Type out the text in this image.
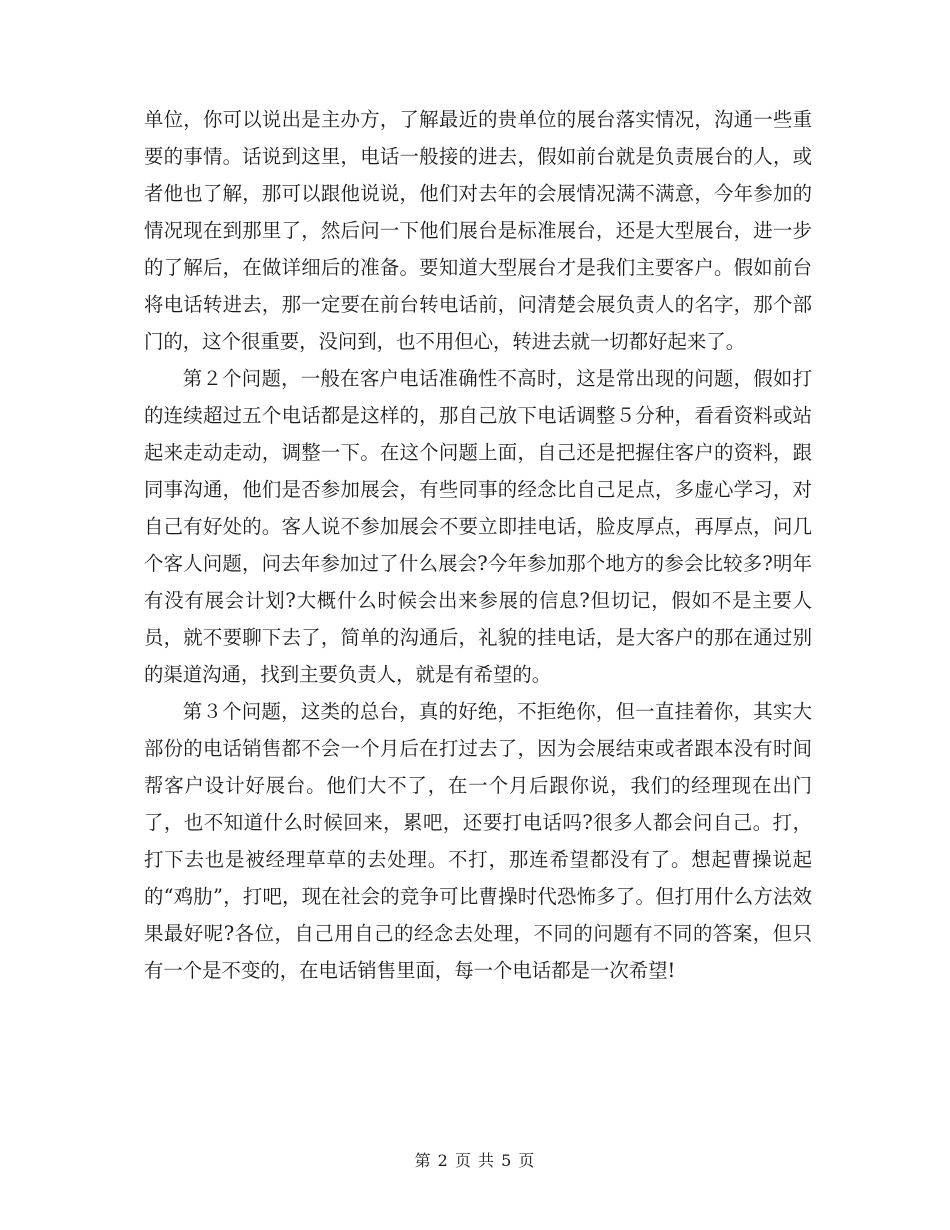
单位，你可以说出是主办方，了解最近的贵单位的展台落实情况，沟通一些重要的事情。话说到这里，电话一般接的进去，假如前台就是负责展台的人，或者他也了解，那可以跟他说说，他们对去年的会展情况满不满意，今年参加的情况现在到那里了，然后问一下他们展台是标准展台，还是大型展台，进一步的了解后，在做详细后的准备。要知道大型展台才是我们主要客户。假如前台将电话转进去，那一定要在前台转电话前，问清楚会展负责人的名字，那个部门的，这个很重要，没问到，也不用但心，转进去就一切都好起来了。

第２个问题，一般在客户电话准确性不高时，这是常出现的问题，假如打的连续超过五个电话都是这样的，那自己放下电话调整５分种，看看资料或站起来走动走动，调整一下。在这个问题上面，自己还是把握住客户的资料，跟同事沟通，他们是否参加展会，有些同事的经念比自己足点，多虚心学习，对自己有好处的。客人说不参加展会不要立即挂电话，脸皮厚点，再厚点，问几个客人问题，问去年参加过了什么展会?今年参加那个地方的参会比较多?明年有没有展会计划?大概什么时候会出来参展的信息?但切记，假如不是主要人员，就不要聊下去了，简单的沟通后，礼貌的挂电话，是大客户的那在通过别的渠道沟通，找到主要负责人，就是有希望的。

第３个问题，这类的总台，真的好绝，不拒绝你，但一直挂着你，其实大部份的电话销售都不会一个月后在打过去了，因为会展结束或者跟本没有时间帮客户设计好展台。他们大不了，在一个月后跟你说，我们的经理现在出门了，也不知道什么时候回来，累吧，还要打电话吗?很多人都会问自己。打，打下去也是被经理草草的去处理。不打，那连希望都没有了。想起曹操说起的“鸡肋”，打吧，现在社会的竞争可比曹操时代恐怖多了。但打用什么方法效果最好呢?各位，自己用自己的经念去处理，不同的问题有不同的答案，但只有一个是不变的，在电话销售里面，每一个电话都是一次希望!

第 2 页 共 5 页
